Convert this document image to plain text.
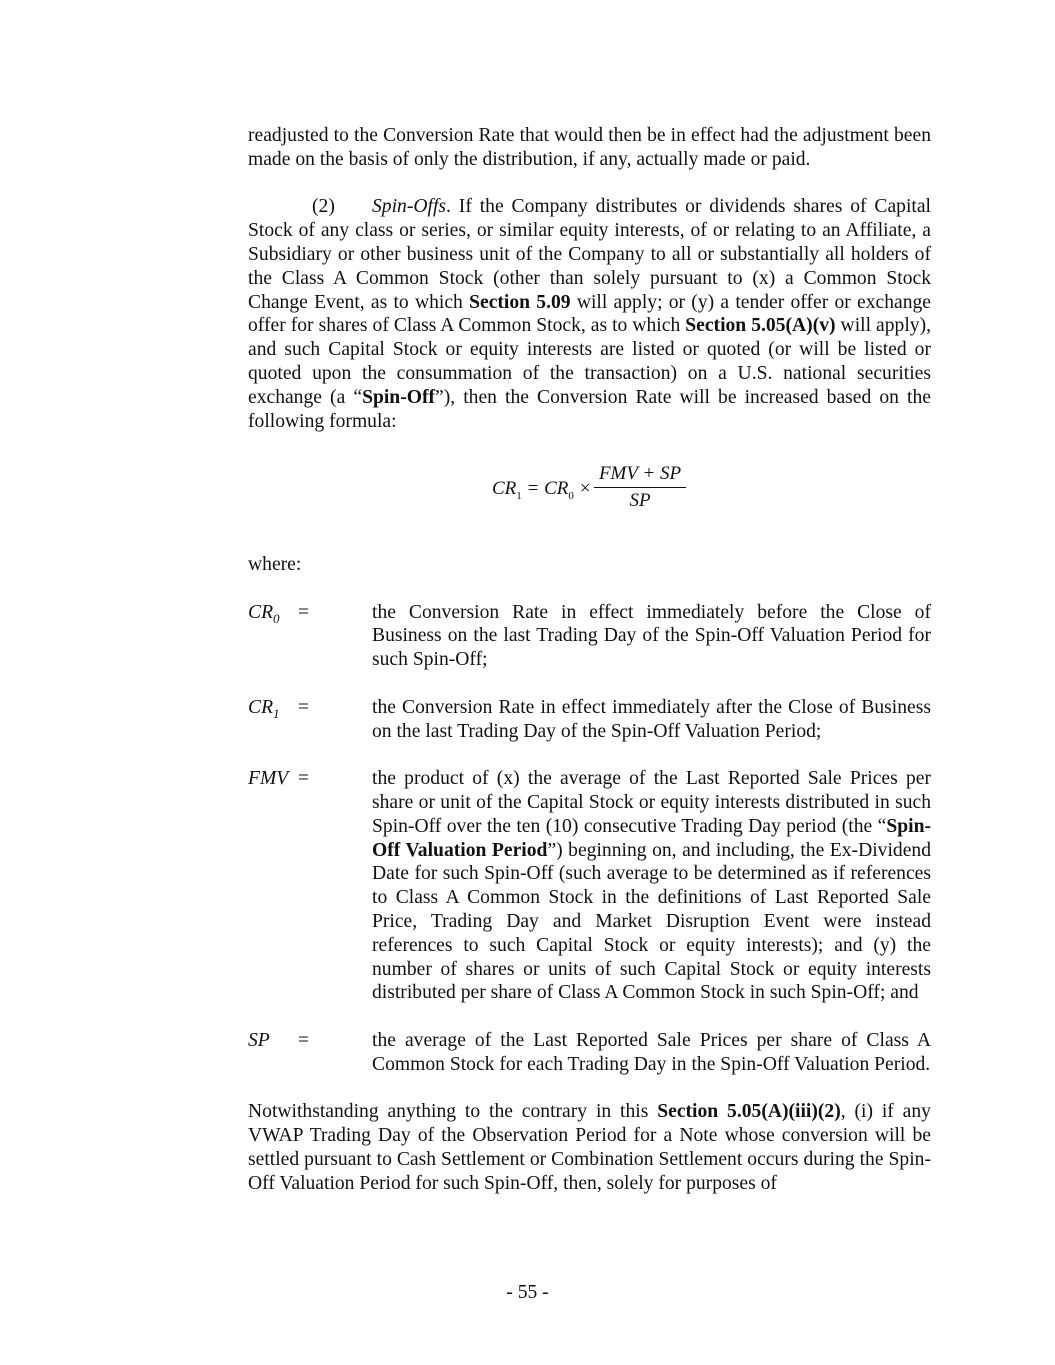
readjusted to the Conversion Rate that would then be in effect had the adjustment been made on the basis of only the distribution, if any, actually made or paid.

(2) Spin-Offs. If the Company distributes or dividends shares of Capital Stock of any class or series, or similar equity interests, of or relating to an Affiliate, a Subsidiary or other business unit of the Company to all or substantially all holders of the Class A Common Stock (other than solely pursuant to (x) a Common Stock Change Event, as to which Section 5.09 will apply; or (y) a tender offer or exchange offer for shares of Class A Common Stock, as to which Section 5.05(A)(v) will apply), and such Capital Stock or equity interests are listed or quoted (or will be listed or quoted upon the consummation of the transaction) on a U.S. national securities exchange (a “Spin-Off”), then the Conversion Rate will be increased based on the following formula:

$CR_1 = CR_0$ ×
FMV + SP
SP

where:

$CR_0$ =	the Conversion Rate in effect immediately before the Close of Business on the last Trading Day of the Spin-Off Valuation Period for such Spin-Off;
$CR_1$ =	the Conversion Rate in effect immediately after the Close of Business on the last Trading Day of the Spin-Off Valuation Period;
FMV =	the product of (x) the average of the Last Reported Sale Prices per share or unit of the Capital Stock or equity interests distributed in such Spin-Off over the ten (10) consecutive Trading Day period (the “Spin-Off Valuation Period”) beginning on, and including, the Ex-Dividend Date for such Spin-Off (such average to be determined as if references to Class A Common Stock in the definitions of Last Reported Sale Price, Trading Day and Market Disruption Event were instead references to such Capital Stock or equity interests); and (y) the number of shares or units of such Capital Stock or equity interests distributed per share of Class A Common Stock in such Spin-Off; and
SP	=	the average of the Last Reported Sale Prices per share of Class A Common Stock for each Trading Day in the Spin-Off Valuation Period.

Notwithstanding anything to the contrary in this Section 5.05(A)(iii)(2), (i) if any VWAP Trading Day of the Observation Period for a Note whose conversion will be settled pursuant to Cash Settlement or Combination Settlement occurs during the Spin-Off Valuation Period for such Spin-Off, then, solely for purposes of

- 55 -
